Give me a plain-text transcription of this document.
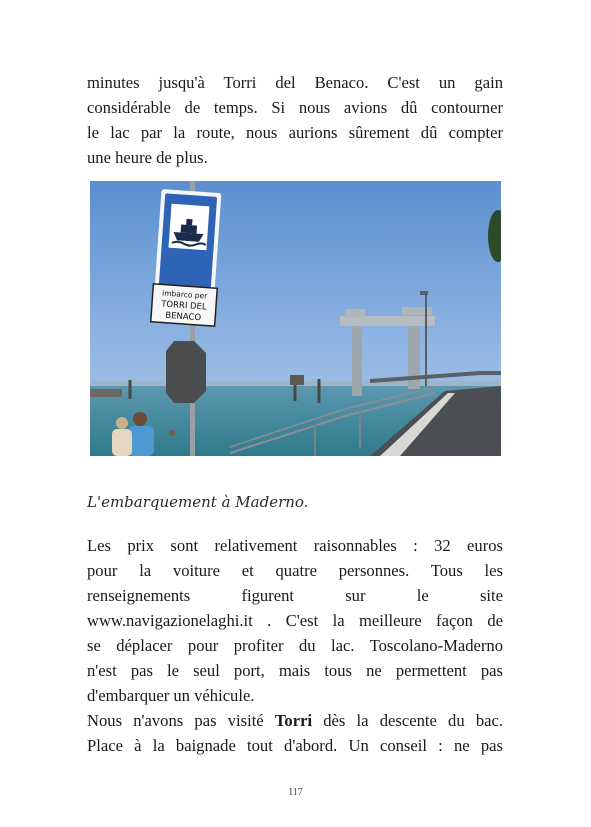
minutes jusqu'à Torri del Benaco. C'est un gain
considérable de temps. Si nous avions dû contourner
le lac par la route, nous aurions sûrement dû compter
une heure de plus.
imbarco per
TORRI DEL
BENACO

L'embarquement à Maderno.

Les prix sont relativement raisonnables : 32 euros
pour la voiture et quatre personnes. Tous les
renseignements figurent sur le site
www.navigazionelaghi.it . C'est la meilleure façon de
se déplacer pour profiter du lac. Toscolano-Maderno
n'est pas le seul port, mais tous ne permettent pas
d'embarquer un véhicule.
Nous n'avons pas visité Torri dès la descente du bac.
Place à la baignade tout d'abord. Un conseil : ne pas
117
